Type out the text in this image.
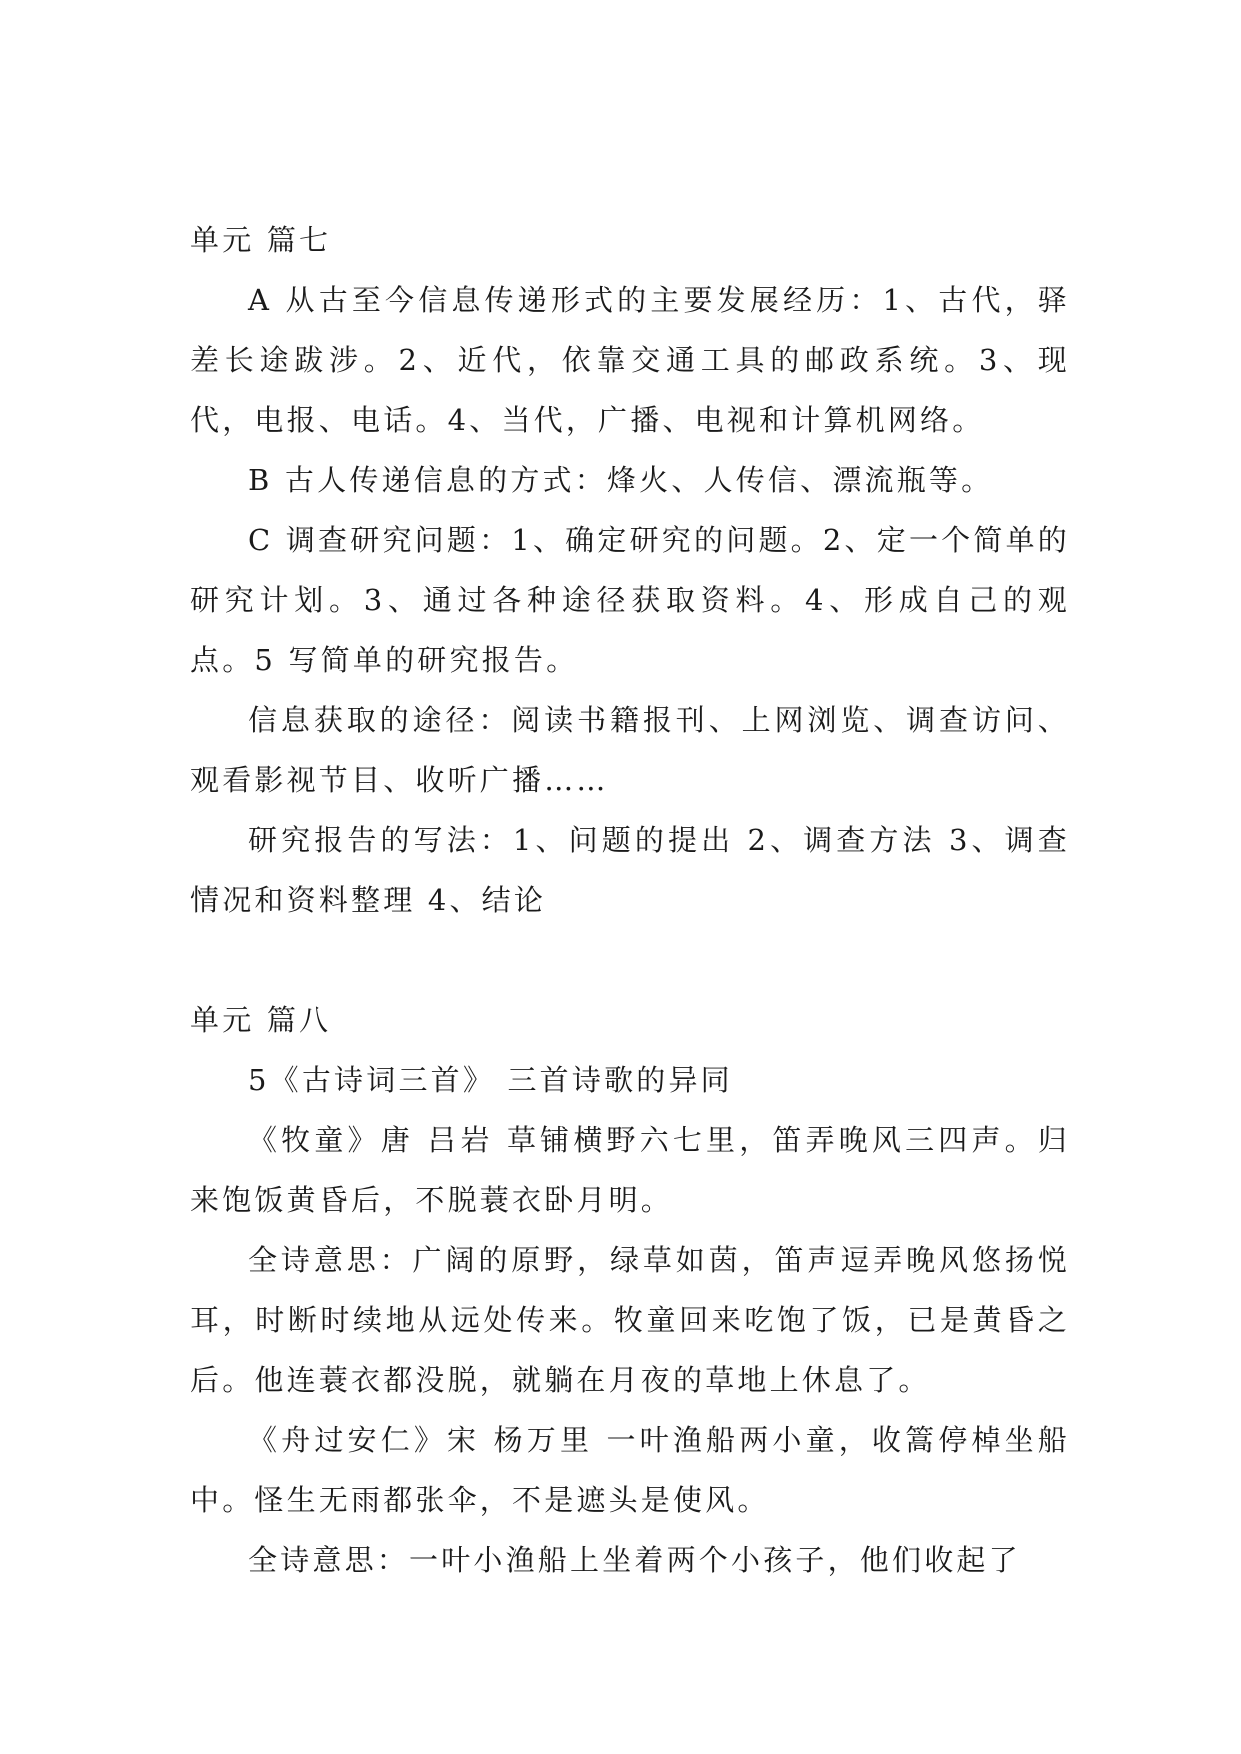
单元 篇七

A 从古至今信息传递形式的主要发展经历：1、古代，驿差长途跋涉。2、近代，依靠交通工具的邮政系统。3、现代，电报、电话。4、当代，广播、电视和计算机网络。

B 古人传递信息的方式：烽火、人传信、漂流瓶等。

C 调查研究问题：1、确定研究的问题。2、定一个简单的研究计划。3、通过各种途径获取资料。4、形成自己的观点。5 写简单的研究报告。

信息获取的途径：阅读书籍报刊、上网浏览、调查访问、观看影视节目、收听广播……

研究报告的写法：1、问题的提出 2、调查方法 3、调查情况和资料整理 4、结论

单元 篇八

5《古诗词三首》 三首诗歌的异同

《牧童》唐 吕岩 草铺横野六七里，笛弄晚风三四声。归来饱饭黄昏后，不脱蓑衣卧月明。

全诗意思：广阔的原野，绿草如茵，笛声逗弄晚风悠扬悦耳，时断时续地从远处传来。牧童回来吃饱了饭，已是黄昏之后。他连蓑衣都没脱，就躺在月夜的草地上休息了。

《舟过安仁》宋 杨万里 一叶渔船两小童，收篙停棹坐船中。怪生无雨都张伞，不是遮头是使风。

全诗意思：一叶小渔船上坐着两个小孩子，他们收起了
